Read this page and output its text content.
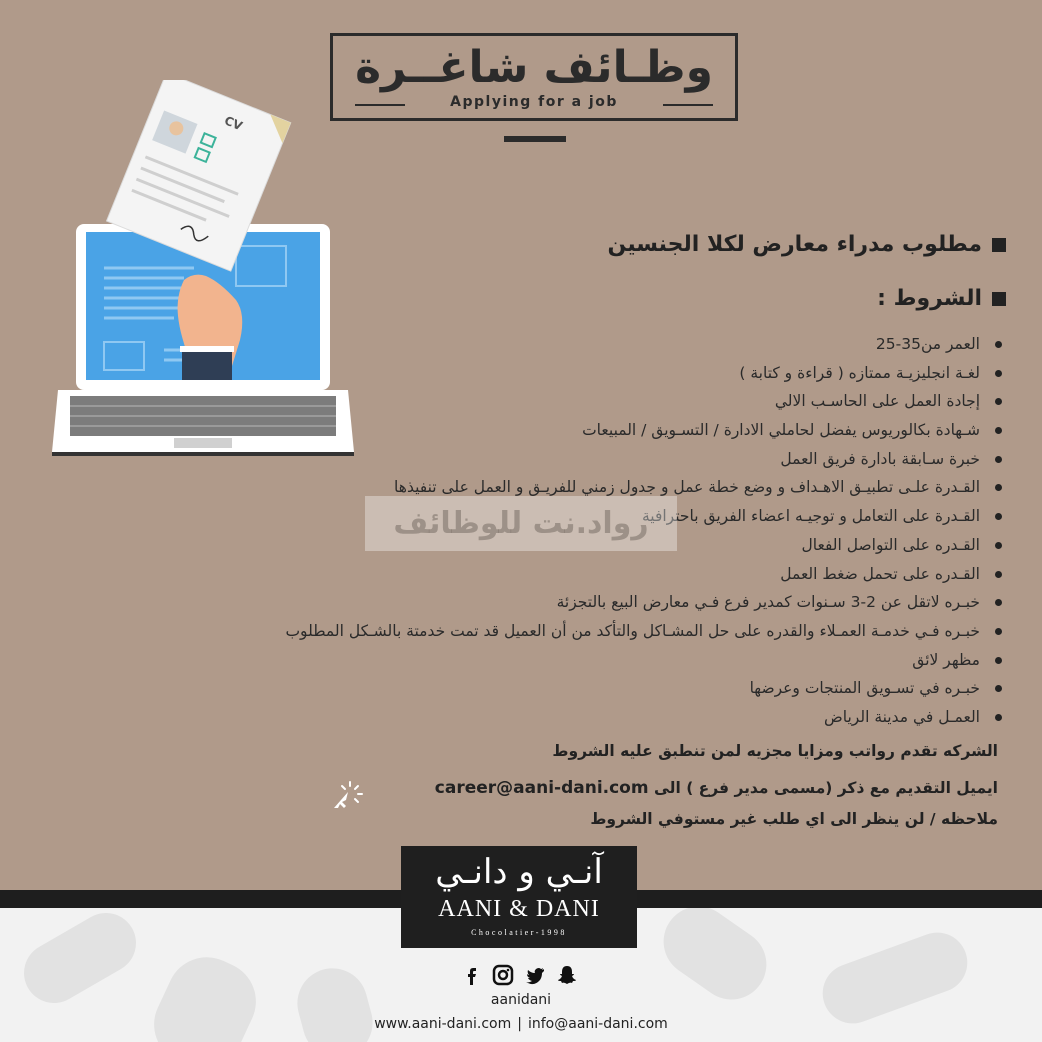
وظـائف شاغــرة
Applying for a job
CV
مطلوب مدراء معارض لكلا الجنسين
الشروط :
العمر من35-25
لغـة انجليزيـة ممتازه ( قراءة و كتابة )
إجادة العمل على الحاسـب الالي
شـهادة بكالوريوس يفضل لحاملي الادارة / التسـويق / المبيعات
خبرة سـابقة بادارة فريق العمل
القـدرة علـى تطبيـق الاهـداف و وضع خطة عمل و جدول زمني للفريـق و العمل على تنفيذها
القـدرة على التعامل و توجيـه اعضاء الفريق باحترافية
القـدره على التواصل الفعال
القـدره على تحمل ضغط العمل
خبـره لاتقل عن 2-3 سـنوات كمدير فرع فـي معارض البيع بالتجزئة
خبـره فـي خدمـة العمـلاء والقدره على حل المشـاكل والتأكد من أن العميل قد تمت خدمتة بالشـكل المطلوب
مظهر لائق
خبـره في تسـويق المنتجات وعرضها
العمـل في مدينة الرياض
رواد.نت للوظائف
الشركه تقدم رواتب ومزايا مجزيه لمن تنطبق عليه الشروط
ايميل التقديم مع ذكر (مسمى مدير فرع ) الى career@aani-dani.com
ملاحظه / لن ينظر الى اي طلب غير مستوفي الشروط
آنـي و دانـي
AANI & DANI
Chocolatier-1998
aanidani
www.aani-dani.com | info@aani-dani.com
